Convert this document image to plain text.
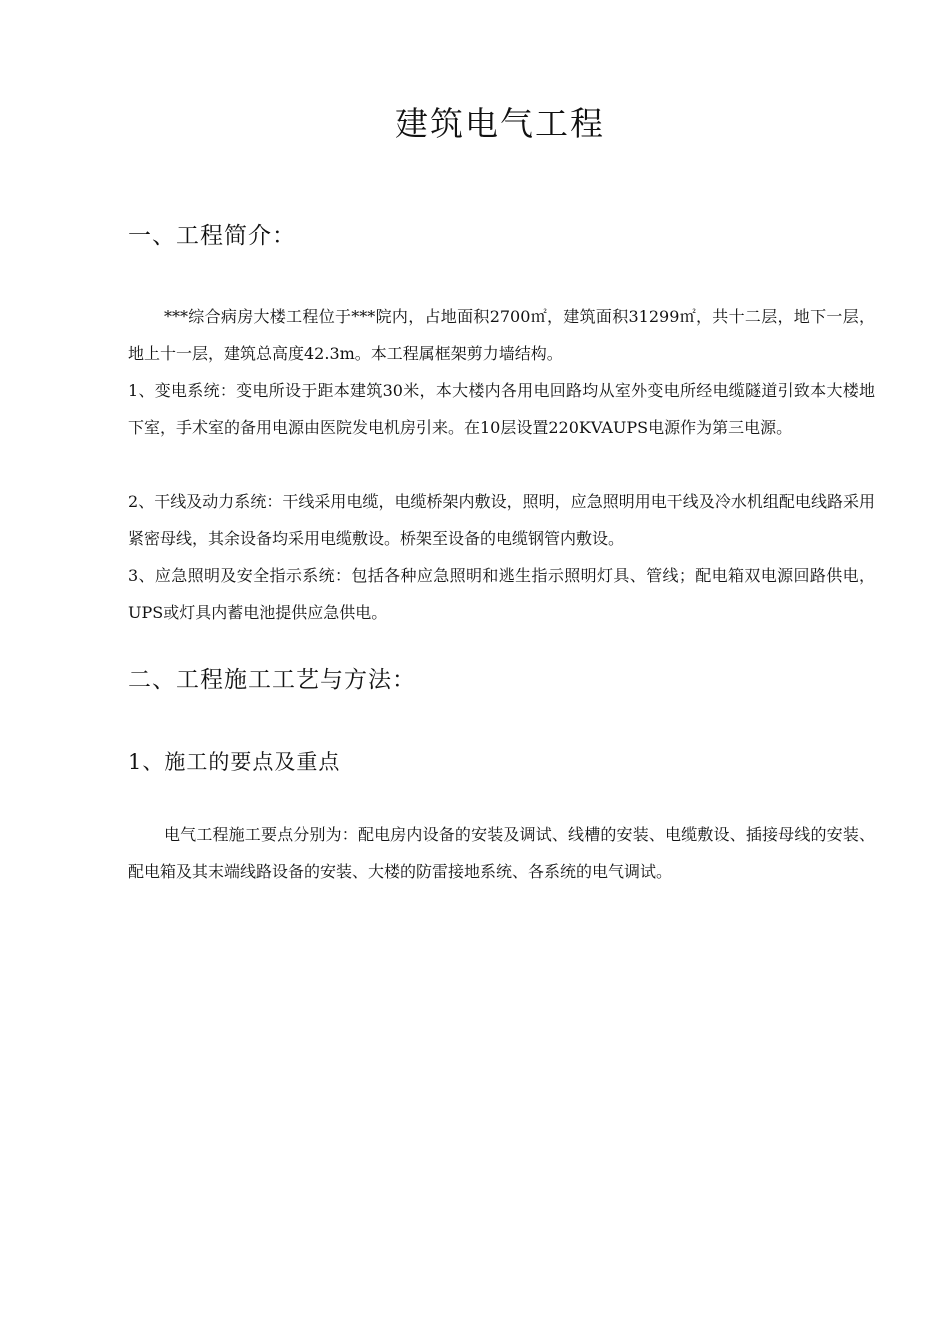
建筑电气工程
一、工程简介：

***综合病房大楼工程位于***院内，占地面积2700㎡，建筑面积31299㎡，共十二层，地下一层，地上十一层，建筑总高度42.3m。本工程属框架剪力墙结构。

1、变电系统：变电所设于距本建筑30米，本大楼内各用电回路均从室外变电所经电缆隧道引致本大楼地下室，手术室的备用电源由医院发电机房引来。在10层设置220KVAUPS电源作为第三电源。

2、干线及动力系统：干线采用电缆，电缆桥架内敷设，照明，应急照明用电干线及冷水机组配电线路采用紧密母线，其余设备均采用电缆敷设。桥架至设备的电缆钢管内敷设。

3、应急照明及安全指示系统：包括各种应急照明和逃生指示照明灯具、管线；配电箱双电源回路供电，UPS或灯具内蓄电池提供应急供电。

二、工程施工工艺与方法：
1、施工的要点及重点

电气工程施工要点分别为：配电房内设备的安装及调试、线槽的安装、电缆敷设、插接母线的安装、配电箱及其末端线路设备的安装、大楼的防雷接地系统、各系统的电气调试。
